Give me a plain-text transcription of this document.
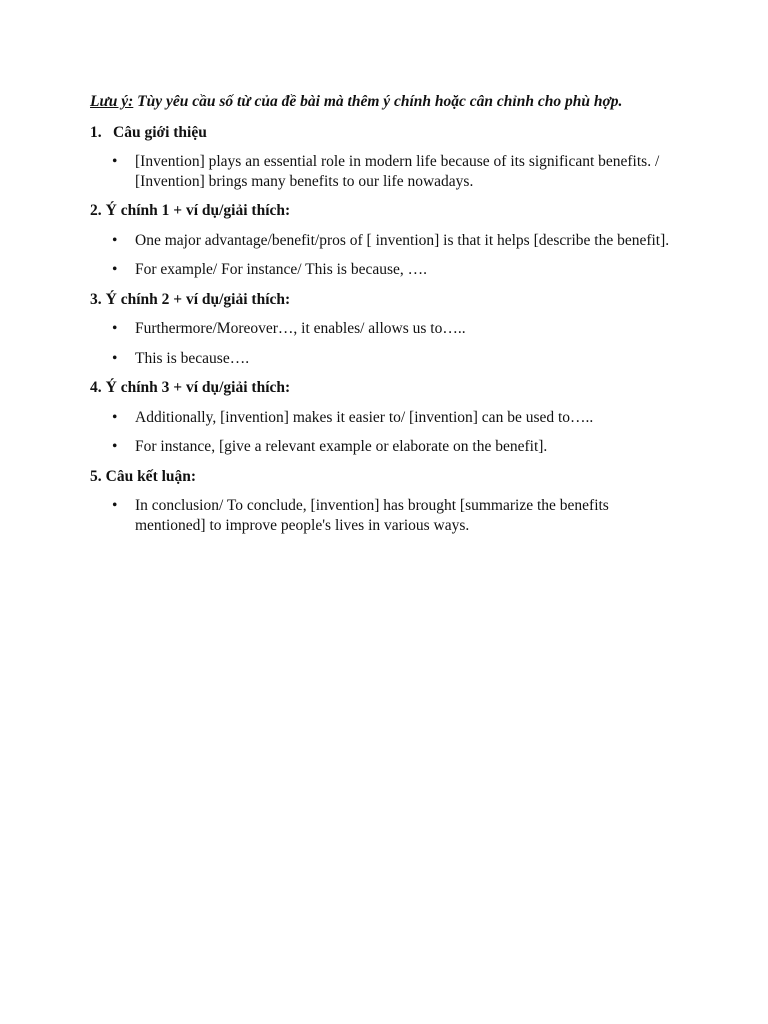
Lưu ý: Tùy yêu cầu số từ của đề bài mà thêm ý chính hoặc cân chỉnh cho phù hợp.

1. Câu giới thiệu

• [Invention] plays an essential role in modern life because of its significant benefits. / [Invention] brings many benefits to our life nowadays.

2. Ý chính 1 + ví dụ/giải thích:

• One major advantage/benefit/pros of [ invention] is that it helps [describe the benefit].
• For example/ For instance/ This is because, ….

3. Ý chính 2 + ví dụ/giải thích:

• Furthermore/Moreover…, it enables/ allows us to…..
• This is because….

4. Ý chính 3 + ví dụ/giải thích:

• Additionally, [invention] makes it easier to/ [invention] can be used to…..
• For instance, [give a relevant example or elaborate on the benefit].

5. Câu kết luận:

• In conclusion/ To conclude, [invention] has brought [summarize the benefits mentioned] to improve people's lives in various ways.
